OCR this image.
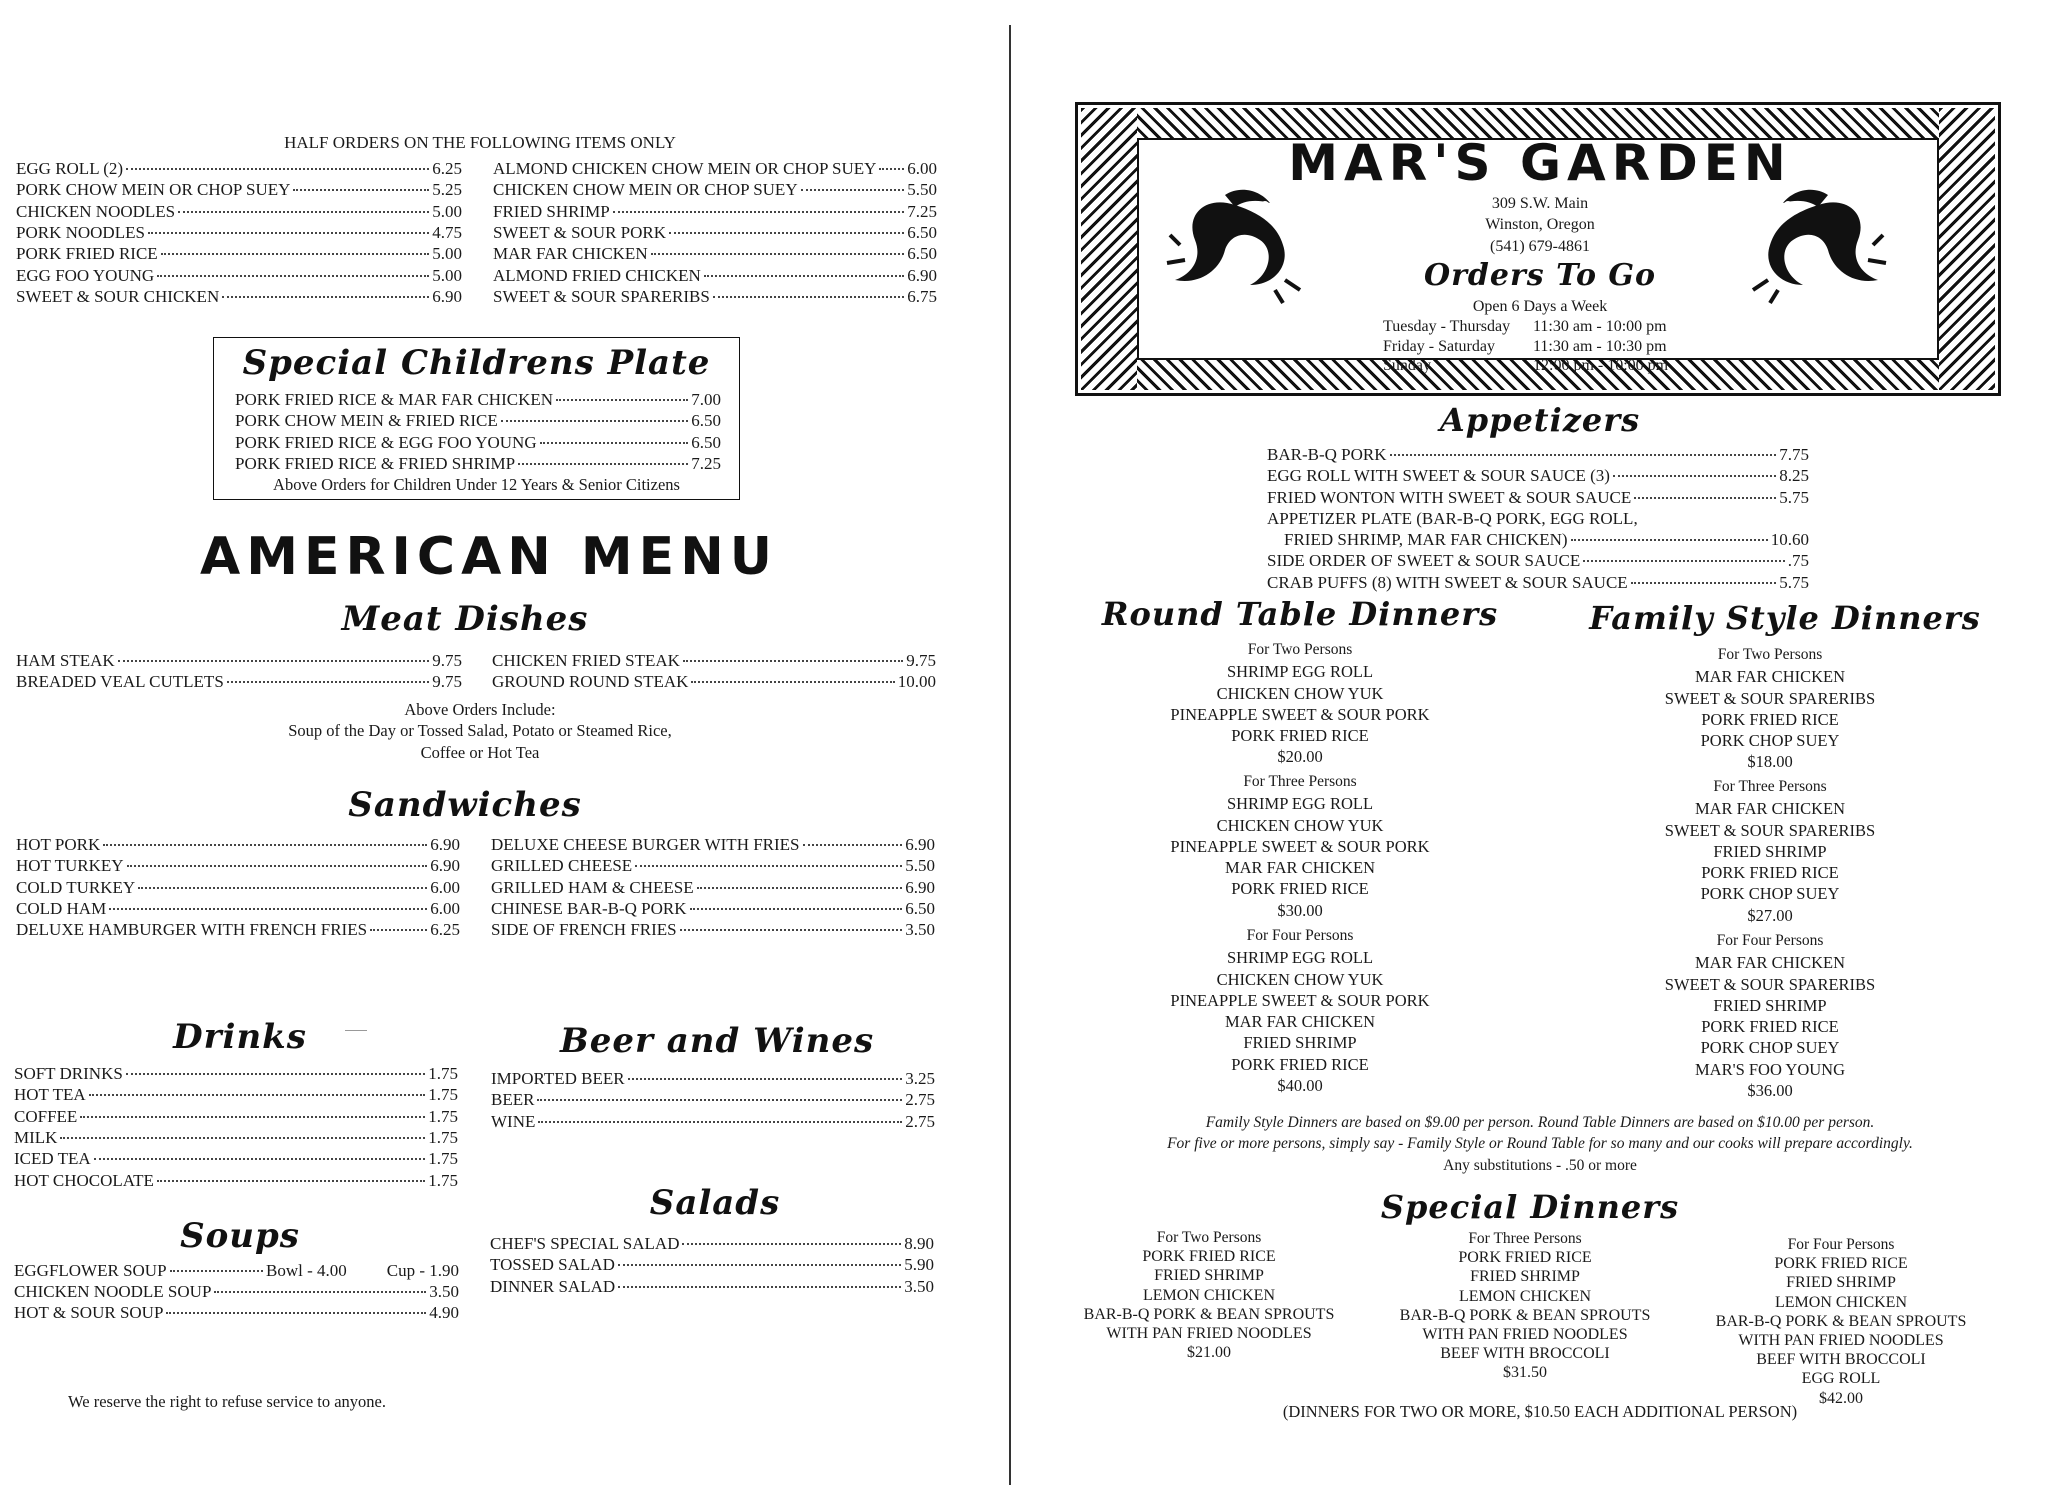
HALF ORDERS ON THE FOLLOWING ITEMS ONLY
EGG ROLL (2)	6.25
PORK CHOW MEIN OR CHOP SUEY	5.25
CHICKEN NOODLES	5.00
PORK NOODLES	4.75
PORK FRIED RICE	5.00
EGG FOO YOUNG	5.00
SWEET & SOUR CHICKEN	6.90
ALMOND CHICKEN CHOW MEIN OR CHOP SUEY 6.00
CHICKEN CHOW MEIN OR CHOP SUEY	5.50
FRIED SHRIMP	7.25
SWEET & SOUR PORK	6.50
MAR FAR CHICKEN	6.50
ALMOND FRIED CHICKEN	6.90
SWEET & SOUR SPARERIBS	6.75
Special Childrens Plate
PORK FRIED RICE & MAR FAR CHICKEN	7.00
PORK CHOW MEIN & FRIED RICE	6.50
PORK FRIED RICE & EGG FOO YOUNG	6.50
PORK FRIED RICE & FRIED SHRIMP	7.25
Above Orders for Children Under 12 Years & Senior Citizens
AMERICAN MENU
Meat Dishes
HAM STEAK	9.75
BREADED VEAL CUTLETS	9.75
CHICKEN FRIED STEAK	9.75
GROUND ROUND STEAK	10.00
Above Orders Include:
Soup of the Day or Tossed Salad, Potato or Steamed Rice,
Coffee or Hot Tea
Sandwiches
HOT PORK	6.90
HOT TURKEY	6.90
COLD TURKEY	6.00
COLD HAM	6.00
DELUXE HAMBURGER WITH FRENCH FRIES	6.25
DELUXE CHEESE BURGER WITH FRIES	6.90
GRILLED CHEESE	5.50
GRILLED HAM & CHEESE	6.90
CHINESE BAR-B-Q PORK	6.50
SIDE OF FRENCH FRIES	3.50
Drinks
SOFT DRINKS	1.75
HOT TEA	1.75
COFFEE	1.75
MILK	1.75
ICED TEA	1.75
HOT CHOCOLATE	1.75
Beer and Wines
IMPORTED BEER	3.25
BEER	2.75
WINE	2.75
Soups
EGGFLOWER SOUP	Bowl - 4.00 Cup - 1.90
CHICKEN NOODLE SOUP	3.50
HOT & SOUR SOUP	4.90
Salads
CHEF'S SPECIAL SALAD	8.90
TOSSED SALAD	5.90
DINNER SALAD	3.50
We reserve the right to refuse service to anyone.
MAR'S GARDEN
309 S.W. Main
Winston, Oregon
(541) 679-4861
Orders To Go
Open 6 Days a Week
Tuesday - Thursday 11:30 am - 10:00 pm
Friday - Saturday 11:30 am - 10:30 pm
Sunday	12:00 pm - 10:00 pm
Appetizers
BAR-B-Q PORK	7.75
EGG ROLL WITH SWEET & SOUR SAUCE (3)	8.25
FRIED WONTON WITH SWEET & SOUR SAUCE	5.75
APPETIZER PLATE (BAR-B-Q PORK, EGG ROLL,
FRIED SHRIMP, MAR FAR CHICKEN)	10.60
SIDE ORDER OF SWEET & SOUR SAUCE	.75
CRAB PUFFS (8) WITH SWEET & SOUR SAUCE	5.75
Round Table Dinners	Family Style Dinners
For Two Persons
SHRIMP EGG ROLL
CHICKEN CHOW YUK
PINEAPPLE SWEET & SOUR PORK
PORK FRIED RICE
$20.00
For Three Persons
SHRIMP EGG ROLL
CHICKEN CHOW YUK
PINEAPPLE SWEET & SOUR PORK
MAR FAR CHICKEN
PORK FRIED RICE
$30.00
For Four Persons
SHRIMP EGG ROLL
CHICKEN CHOW YUK
PINEAPPLE SWEET & SOUR PORK
MAR FAR CHICKEN
FRIED SHRIMP
PORK FRIED RICE
$40.00
For Two Persons
MAR FAR CHICKEN
SWEET & SOUR SPARERIBS
PORK FRIED RICE
PORK CHOP SUEY
$18.00
For Three Persons
MAR FAR CHICKEN
SWEET & SOUR SPARERIBS
FRIED SHRIMP
PORK FRIED RICE
PORK CHOP SUEY
$27.00
For Four Persons
MAR FAR CHICKEN
SWEET & SOUR SPARERIBS
FRIED SHRIMP
PORK FRIED RICE
PORK CHOP SUEY
MAR'S FOO YOUNG
$36.00
Family Style Dinners are based on $9.00 per person. Round Table Dinners are based on $10.00 per person.
For five or more persons, simply say - Family Style or Round Table for so many and our cooks will prepare accordingly.
Any substitutions - .50 or more
Special Dinners
For Two Persons
PORK FRIED RICE
FRIED SHRIMP
LEMON CHICKEN
BAR-B-Q PORK & BEAN SPROUTS
WITH PAN FRIED NOODLES
$21.00
For Three Persons
PORK FRIED RICE
FRIED SHRIMP
LEMON CHICKEN
BAR-B-Q PORK & BEAN SPROUTS
WITH PAN FRIED NOODLES
BEEF WITH BROCCOLI
$31.50
For Four Persons
PORK FRIED RICE
FRIED SHRIMP
LEMON CHICKEN
BAR-B-Q PORK & BEAN SPROUTS
WITH PAN FRIED NOODLES
BEEF WITH BROCCOLI
EGG ROLL
$42.00
(DINNERS FOR TWO OR MORE, $10.50 EACH ADDITIONAL PERSON)
